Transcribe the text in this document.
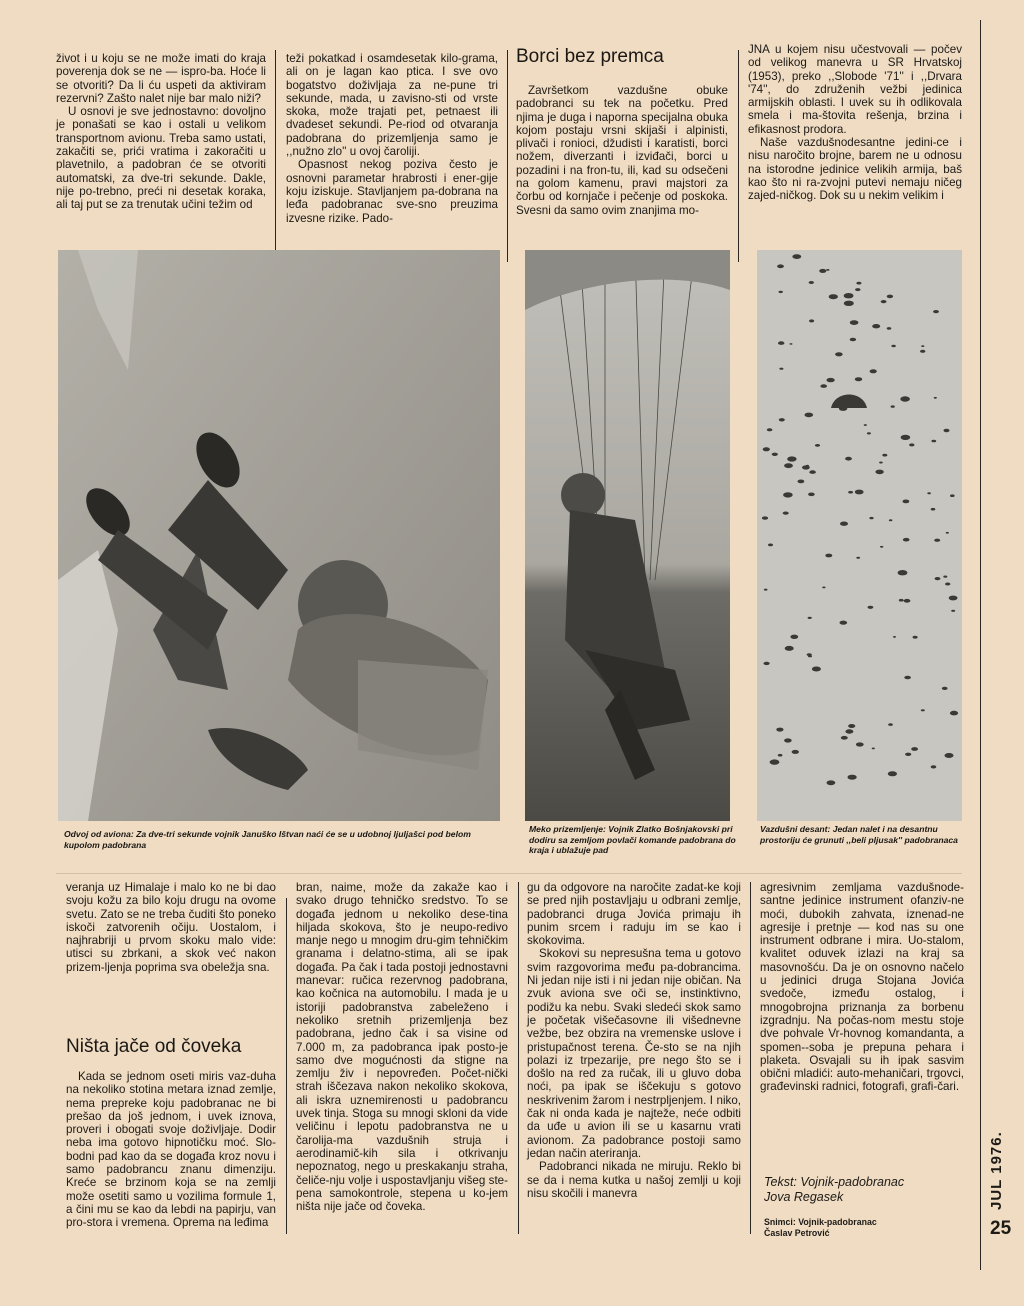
život i u koju se ne može imati do kraja poverenja dok se ne — ispro-ba. Hoće li se otvoriti? Da li ću uspeti da aktiviram rezervni? Zašto nalet nije bar malo niži?

U osnovi je sve jednostavno: dovoljno je ponašati se kao i ostali u velikom transportnom avionu. Treba samo ustati, zakačiti se, prići vratima i zakoračiti u plavetnilo, a padobran će se otvoriti automatski, za dve-tri sekunde. Dakle, nije po-trebno, preći ni desetak koraka, ali taj put se za trenutak učini težim od

teži pokatkad i osamdesetak kilo-grama, ali on je lagan kao ptica. I sve ovo bogatstvo doživljaja za ne-pune tri sekunde, mada, u zavisno-sti od vrste skoka, može trajati pet, petnaest ili dvadeset sekundi. Pe-riod od otvaranja padobrana do prizemljenja samo je ,,nužno zlo'' u ovoj čaroliji.

Opasnost nekog poziva često je osnovni parametar hrabrosti i ener-gije koju iziskuje. Stavljanjem pa-dobrana na leđa padobranac sve-sno preuzima izvesne rizike. Pado-

Borci bez premca

Završetkom vazdušne obuke padobranci su tek na početku. Pred njima je duga i naporna specijalna obuka kojom postaju vrsni skijaši i alpinisti, plivači i ronioci, džudisti i karatisti, borci nožem, diverzanti i izviđači, borci u pozadini i na fron-tu, ili, kad su odsečeni na golom kamenu, pravi majstori za čorbu od kornjače i pečenje od poskoka. Svesni da samo ovim znanjima mo-

JNA u kojem nisu učestvovali — počev od velikog manevra u SR Hrvatskoj (1953), preko ,,Slobode '71'' i ,,Drvara '74'', do združenih vežbi jedinica armijskih oblasti. I uvek su ih odlikovala smela i ma-štovita rešenja, brzina i efikasnost prodora.

Naše vazdušnodesantne jedini-ce i nisu naročito brojne, barem ne u odnosu na istorodne jedinice velikih armija, baš kao što ni ra-zvojni putevi nemaju ničeg zajed-ničkog. Dok su u nekim velikim i

Odvoj od aviona: Za dve-tri sekunde vojnik Januško Ištvan naći će se u udobnoj ljuljašci pod belom kupolom padobrana
Meko prizemljenje: Vojnik Zlatko Bošnjakovski pri dodiru sa zemljom povlači komande padobrana do kraja i ublažuje pad
Vazdušni desant: Jedan nalet i na desantnu prostoriju će grunuti ,,beli pljusak'' padobranaca

veranja uz Himalaje i malo ko ne bi dao svoju kožu za bilo koju drugu na ovome svetu. Zato se ne treba čuditi što poneko iskoči zatvorenih očiju. Uostalom, i najhrabriji u prvom skoku malo vide: utisci su zbrkani, a skok već nakon prizem-ljenja poprima sva obeležja sna.

Ništa jače od čoveka

Kada se jednom oseti miris vaz-duha na nekoliko stotina metara iznad zemlje, nema prepreke koju padobranac ne bi prešao da još jednom, i uvek iznova, proveri i obogati svoje doživljaje. Dodir neba ima gotovo hipnotičku moć. Slo-bodni pad kao da se događa kroz novu i samo padobrancu znanu dimenziju. Kreće se brzinom koja se na zemlji može osetiti samo u vozilima formule 1, a čini mu se kao da lebdi na papirju, van pro-stora i vremena. Oprema na leđima

bran, naime, može da zakaže kao i svako drugo tehničko sredstvo. To se događa jednom u nekoliko dese-tina hiljada skokova, što je neupo-redivo manje nego u mnogim dru-gim tehničkim granama i delatno-stima, ali se ipak događa. Pa čak i tada postoji jednostavni manevar: ručica rezervnog padobrana, kao kočnica na automobilu. I mada je u istoriji padobranstva zabeleženo i nekoliko sretnih prizemljenja bez padobrana, jedno čak i sa visine od 7.000 m, za padobranca ipak posto-je samo dve mogućnosti da stigne na zemlju živ i nepovređen. Počet-nički strah iščezava nakon nekoliko skokova, ali iskra uznemirenosti u padobrancu uvek tinja. Stoga su mnogi skloni da vide veličinu i lepotu padobranstva ne u čarolija-ma vazdušnih struja i aerodinamič-kih sila i otkrivanju nepoznatog, nego u preskakanju straha, čeliče-nju volje i uspostavljanju višeg ste-pena samokontrole, stepena u ko-jem ništa nije jače od čoveka.

gu da odgovore na naročite zadat-ke koji se pred njih postavljaju u odbrani zemlje, padobranci druga Jovića primaju ih punim srcem i raduju im se kao i skokovima.

Skokovi su nepresušna tema u gotovo svim razgovorima među pa-dobrancima. Ni jedan nije isti i ni jedan nije običan. Na zvuk aviona sve oči se, instinktivno, podižu ka nebu. Svaki sledeći skok samo je početak višečasovne ili višednevne vežbe, bez obzira na vremenske uslove i pristupačnost terena. Če-sto se na njih polazi iz trpezarije, pre nego što se i došlo na red za ručak, ili u gluvo doba noći, pa ipak se iščekuju s gotovo neskrivenim žarom i nestrpljenjem. I niko, čak ni onda kada je najteže, neće odbiti da uđe u avion ili se u kasarnu vrati avionom. Za padobrance postoji samo jedan način ateriranja.

Padobranci nikada ne miruju. Reklo bi se da i nema kutka u našoj zemlji u koji nisu skočili i manevra

agresivnim zemljama vazdušnode-santne jedinice instrument ofanziv-ne moći, dubokih zahvata, iznenad-ne agresije i pretnje — kod nas su one instrument odbrane i mira. Uo-stalom, kvalitet oduvek izlazi na kraj sa masovnošću. Da je on osnovno načelo u jedinici druga Stojana Jovića svedoče, između ostalog, i mnogobrojna priznanja za borbenu izgradnju. Na počas-nom mestu stoje dve pohvale Vr-hovnog komandanta, a spomen--soba je prepuna pehara i plaketa. Osvajali su ih ipak sasvim obični mladići: auto-mehaničari, trgovci, građevinski radnici, fotografi, grafi-čari.

Tekst: Vojnik-padobranac
Jova Regasek
Snimci: Vojnik-padobranac
Časlav Petrović
JUL 1976.
25
